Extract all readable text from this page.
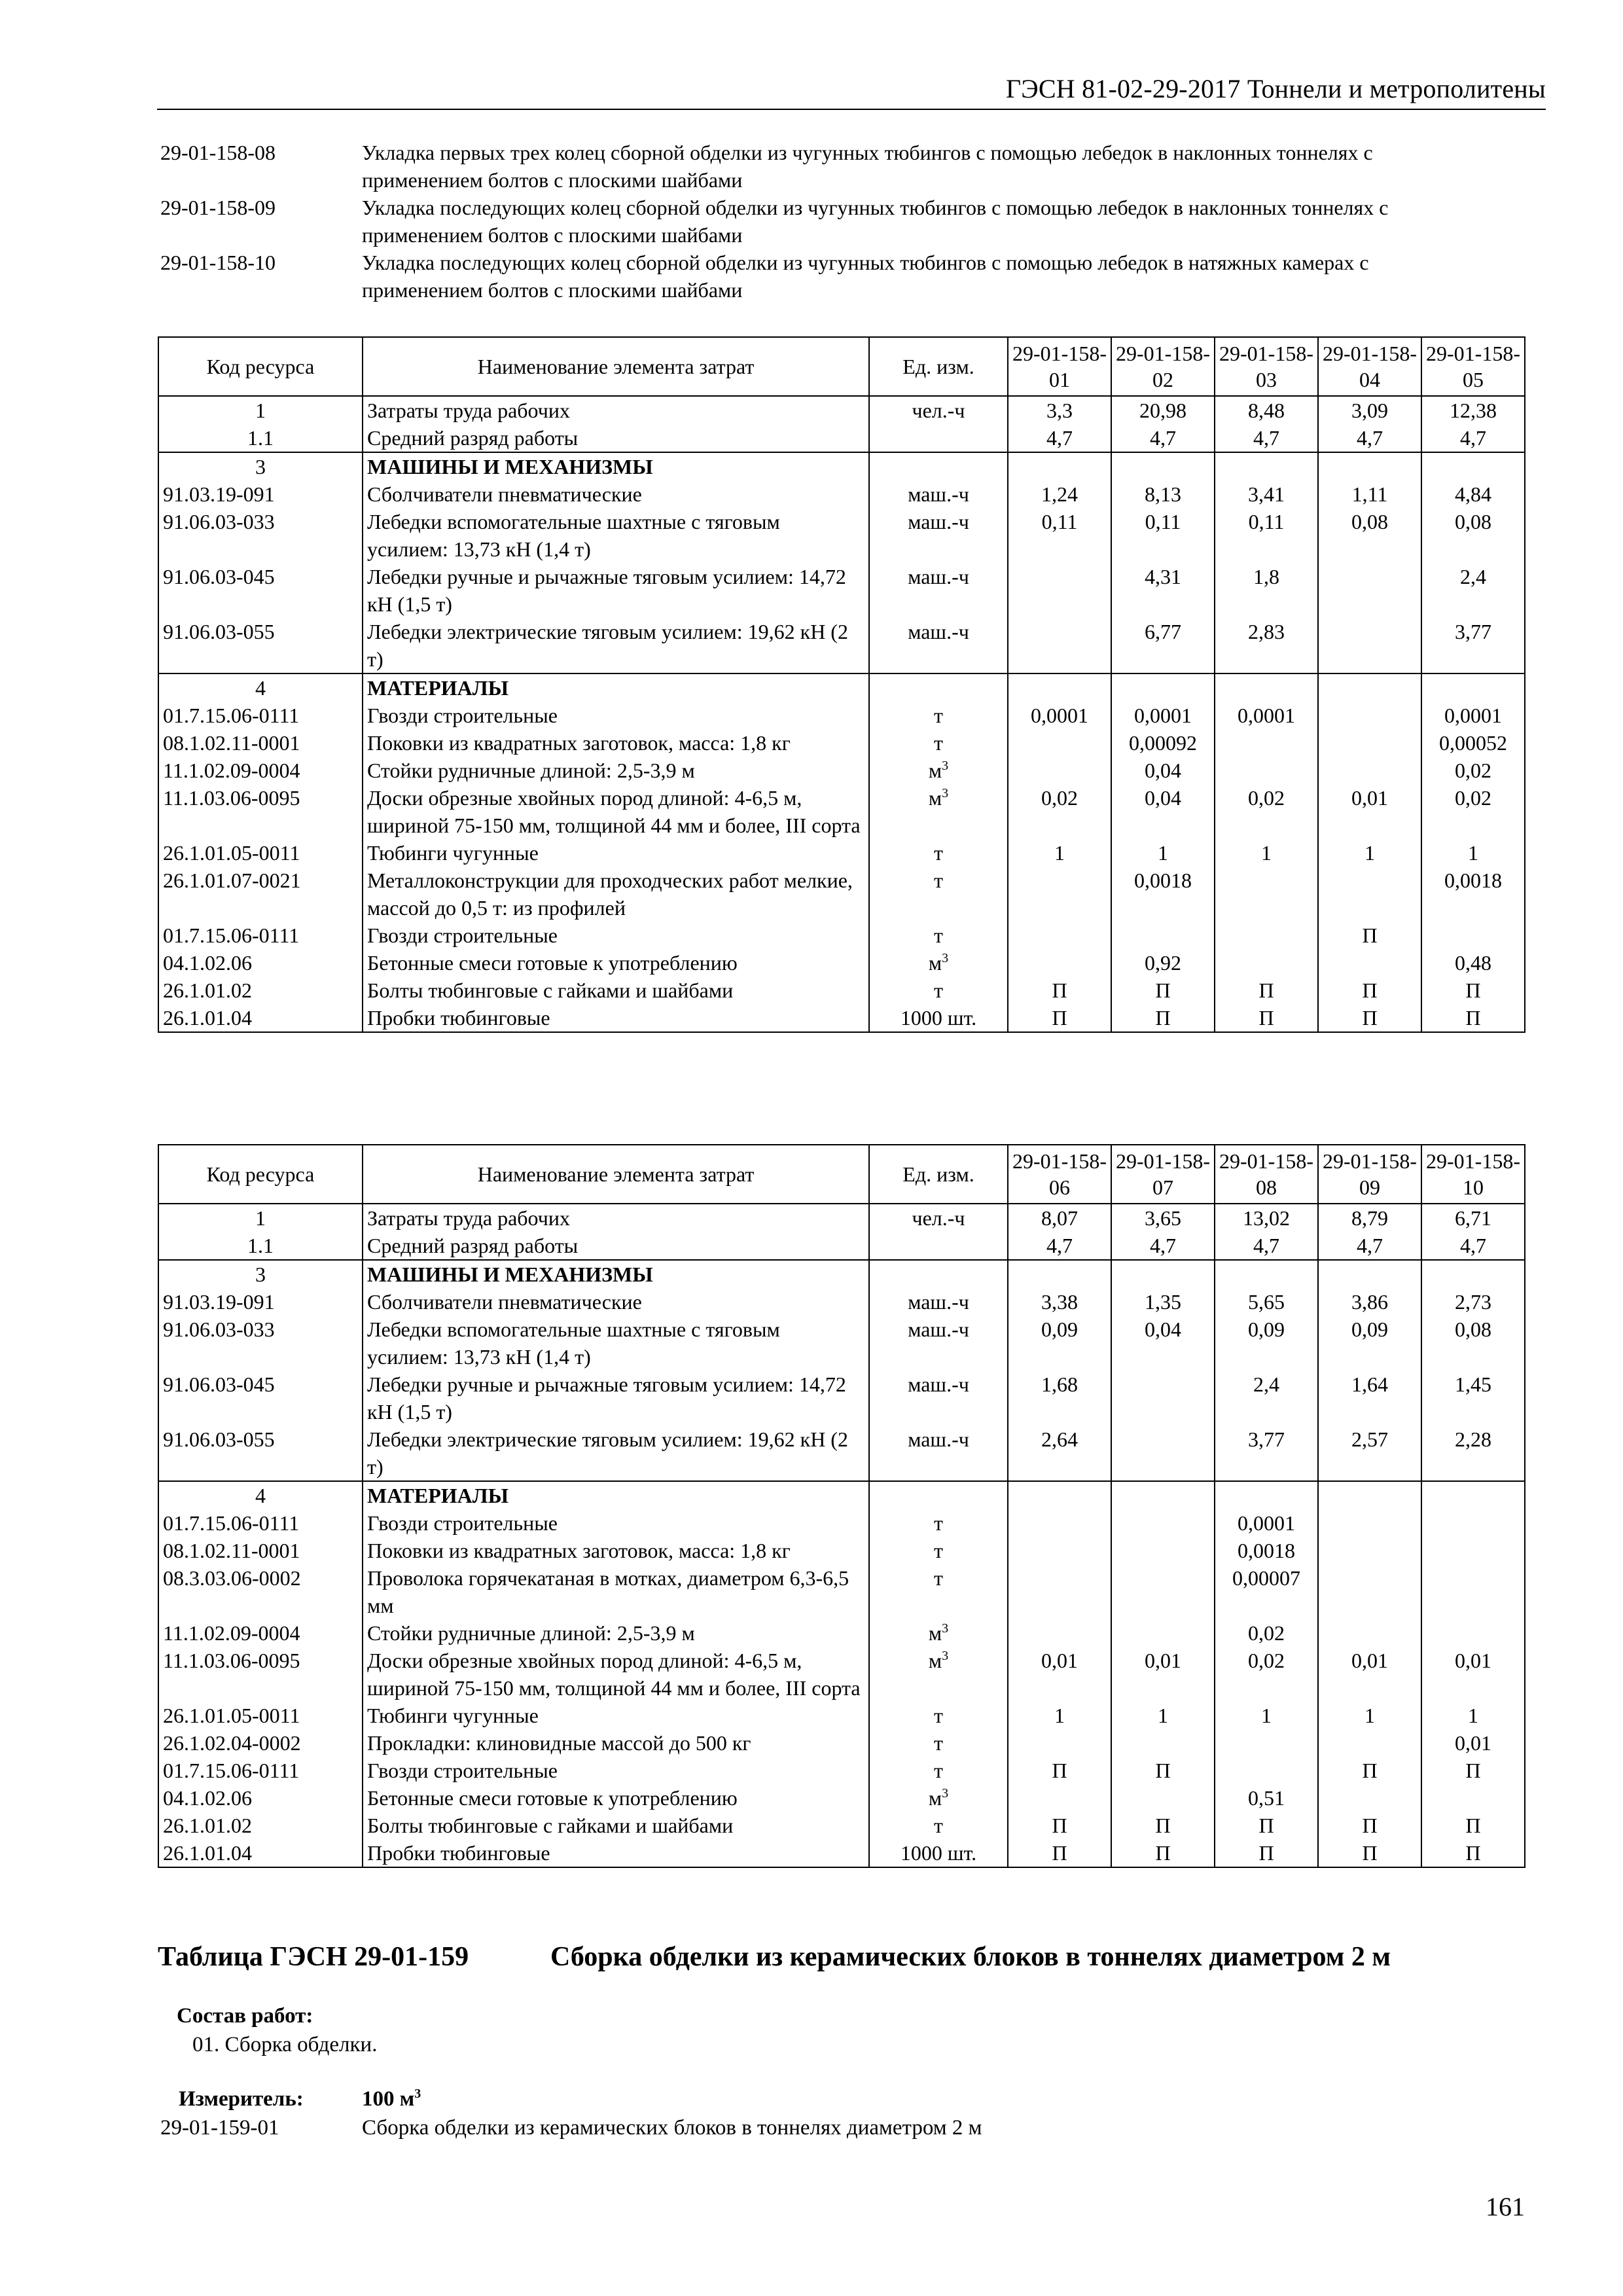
ГЭСН 81-02-29-2017 Тоннели и метрополитены
29-01-158-08	Укладка первых трех колец сборной обделки из чугунных тюбингов с помощью лебедок в наклонных тоннелях с применением болтов с плоскими шайбами
29-01-158-09	Укладка последующих колец сборной обделки из чугунных тюбингов с помощью лебедок в наклонных тоннелях с применением болтов с плоскими шайбами
29-01-158-10	Укладка последующих колец сборной обделки из чугунных тюбингов с помощью лебедок в натяжных камерах с применением болтов с плоскими шайбами
Код ресурса	Наименование элемента затрат	Ед. изм.	29-01-158-01	29-01-158-02	29-01-158-03	29-01-158-04	29-01-158-05
1	Затраты труда рабочих	чел.-ч	3,3	20,98	8,48	3,09	12,38
1.1	Средний разряд работы		4,7	4,7	4,7	4,7	4,7
3	МАШИНЫ И МЕХАНИЗМЫ						
91.03.19-091	Сболчиватели пневматические	маш.-ч	1,24	8,13	3,41	1,11	4,84
91.06.03-033	Лебедки вспомогательные шахтные с тяговым усилием: 13,73 кН (1,4 т)	маш.-ч	0,11	0,11	0,11	0,08	0,08
91.06.03-045	Лебедки ручные и рычажные тяговым усилием: 14,72 кН (1,5 т)	маш.-ч		4,31	1,8		2,4
91.06.03-055	Лебедки электрические тяговым усилием: 19,62 кН (2 т)	маш.-ч		6,77	2,83		3,77
4	МАТЕРИАЛЫ						
01.7.15.06-0111	Гвозди строительные	т	0,0001	0,0001	0,0001		0,0001
08.1.02.11-0001	Поковки из квадратных заготовок, масса: 1,8 кг	т		0,00092			0,00052
11.1.02.09-0004	Стойки рудничные длиной: 2,5-3,9 м	$м^3$		0,04			0,02
11.1.03.06-0095	Доски обрезные хвойных пород длиной: 4-6,5 м, шириной 75-150 мм, толщиной 44 мм и более, III сорта	$м^3$	0,02	0,04	0,02	0,01	0,02
26.1.01.05-0011	Тюбинги чугунные	т	1	1	1	1	1
26.1.01.07-0021	Металлоконструкции для проходческих работ мелкие, массой до 0,5 т: из профилей	т		0,0018			0,0018
01.7.15.06-0111	Гвозди строительные	т				П	
04.1.02.06	Бетонные смеси готовые к употреблению	$м^3$		0,92			0,48
26.1.01.02	Болты тюбинговые с гайками и шайбами	т	П	П	П	П	П
26.1.01.04	Пробки тюбинговые	1000 шт.	П	П	П	П	П
Код ресурса	Наименование элемента затрат	Ед. изм.	29-01-158-06	29-01-158-07	29-01-158-08	29-01-158-09	29-01-158-10
1	Затраты труда рабочих	чел.-ч	8,07	3,65	13,02	8,79	6,71
1.1	Средний разряд работы		4,7	4,7	4,7	4,7	4,7
3	МАШИНЫ И МЕХАНИЗМЫ						
91.03.19-091	Сболчиватели пневматические	маш.-ч	3,38	1,35	5,65	3,86	2,73
91.06.03-033	Лебедки вспомогательные шахтные с тяговым усилием: 13,73 кН (1,4 т)	маш.-ч	0,09	0,04	0,09	0,09	0,08
91.06.03-045	Лебедки ручные и рычажные тяговым усилием: 14,72 кН (1,5 т)	маш.-ч	1,68		2,4	1,64	1,45
91.06.03-055	Лебедки электрические тяговым усилием: 19,62 кН (2 т)	маш.-ч	2,64		3,77	2,57	2,28
4	МАТЕРИАЛЫ						
01.7.15.06-0111	Гвозди строительные	т			0,0001		
08.1.02.11-0001	Поковки из квадратных заготовок, масса: 1,8 кг	т			0,0018		
08.3.03.06-0002	Проволока горячекатаная в мотках, диаметром 6,3-6,5 мм	т			0,00007		
11.1.02.09-0004	Стойки рудничные длиной: 2,5-3,9 м	$м^3$			0,02		
11.1.03.06-0095	Доски обрезные хвойных пород длиной: 4-6,5 м, шириной 75-150 мм, толщиной 44 мм и более, III сорта	$м^3$	0,01	0,01	0,02	0,01	0,01
26.1.01.05-0011	Тюбинги чугунные	т	1	1	1	1	1
26.1.02.04-0002	Прокладки: клиновидные массой до 500 кг	т					0,01
01.7.15.06-0111	Гвозди строительные	т	П	П		П	П
04.1.02.06	Бетонные смеси готовые к употреблению	$м^3$			0,51		
26.1.01.02	Болты тюбинговые с гайками и шайбами	т	П	П	П	П	П
26.1.01.04	Пробки тюбинговые	1000 шт.	П	П	П	П	П
Таблица ГЭСН 29-01-159	Сборка обделки из керамических блоков в тоннелях диаметром 2 м
Состав работ:
01. Сборка обделки.
Измеритель:	100 $м^3$
29-01-159-01	Сборка обделки из керамических блоков в тоннелях диаметром 2 м
161
